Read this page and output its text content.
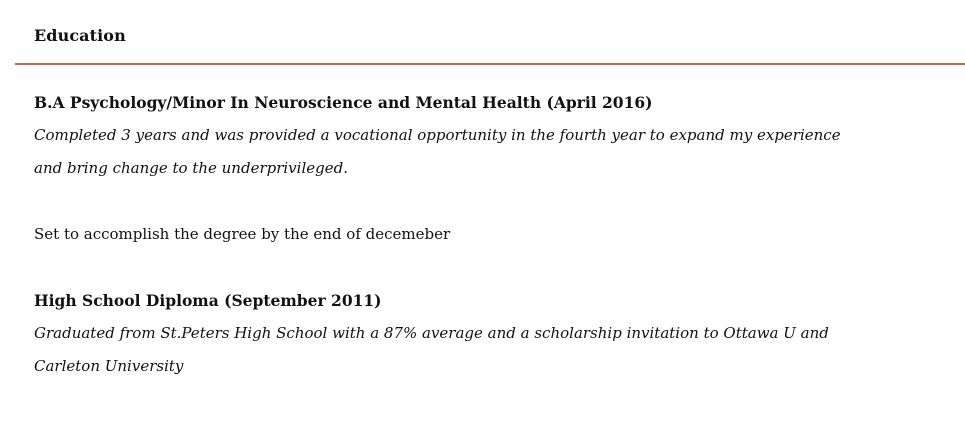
Education

B.A Psychology/Minor In Neuroscience and Mental Health (April 2016)

Completed 3 years and was provided a vocational opportunity in the fourth year to expand my experience

and bring change to the underprivileged.

Set to accomplish the degree by the end of decemeber

High School Diploma (September 2011)

Graduated from St.Peters High School with a 87% average and a scholarship invitation to Ottawa U and

Carleton University
